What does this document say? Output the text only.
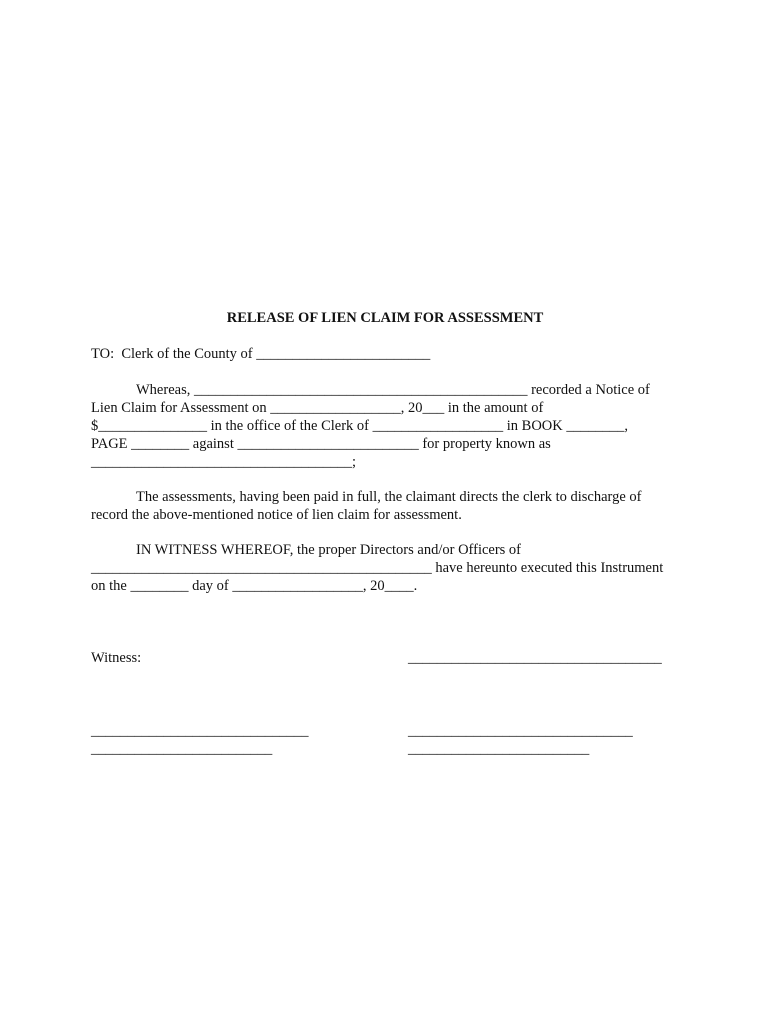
RELEASE OF LIEN CLAIM FOR ASSESSMENT
TO:  Clerk of the County of ________________________
Whereas, ______________________________________________ recorded a Notice of
Lien Claim for Assessment on __________________, 20___ in the amount of
$_______________ in the office of the Clerk of __________________ in BOOK ________,
PAGE ________ against _________________________ for property known as
____________________________________;
The assessments, having been paid in full, the claimant directs the clerk to discharge of
record the above-mentioned notice of lien claim for assessment.
IN WITNESS WHEREOF, the proper Directors and/or Officers of
_______________________________________________ have hereunto executed this Instrument
on the ________ day of __________________, 20____.
Witness:	___________________________________
______________________________
_________________________
_______________________________
_________________________
